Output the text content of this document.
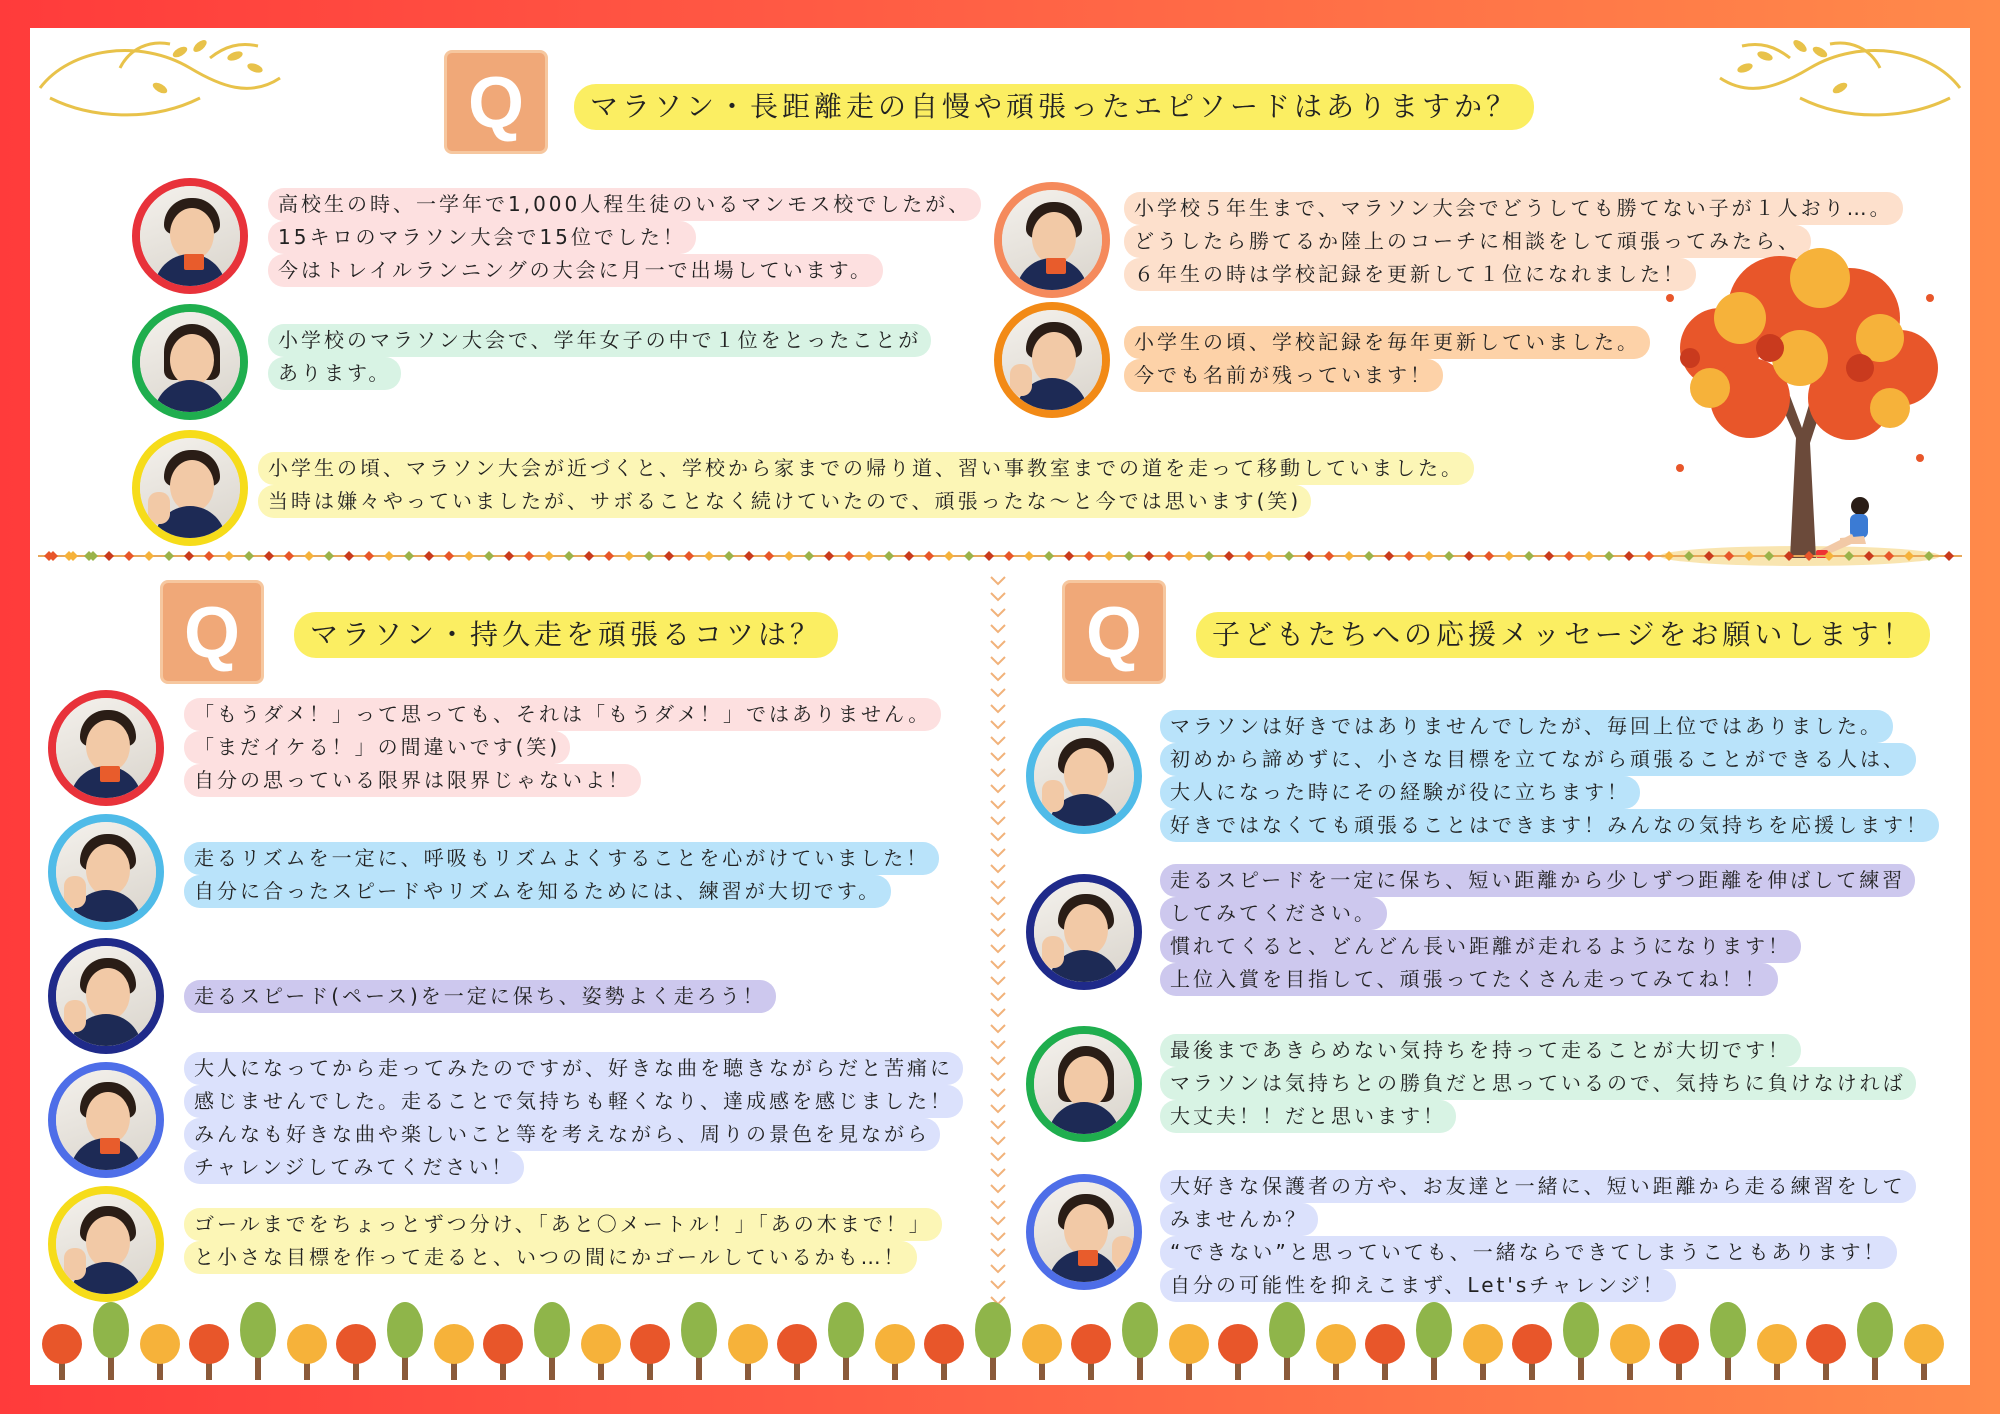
Q	マラソン・長距離走の自慢や頑張ったエピソードはありますか？
高校生の時、一学年で1,000人程生徒のいるマンモス校でしたが、
15キロのマラソン大会で15位でした！
今はトレイルランニングの大会に月一で出場しています。
小学校のマラソン大会で、学年女子の中で１位をとったことが
あります。
小学生の頃、マラソン大会が近づくと、学校から家までの帰り道、習い事教室までの道を走って移動していました。
当時は嫌々やっていましたが、サボることなく続けていたので、頑張ったな〜と今では思います(笑)
小学校５年生まで、マラソン大会でどうしても勝てない子が１人おり…。
どうしたら勝てるか陸上のコーチに相談をして頑張ってみたら、
６年生の時は学校記録を更新して１位になれました！
小学生の頃、学校記録を毎年更新していました。
今でも名前が残っています！
Q	マラソン・持久走を頑張るコツは？
「もうダメ！」って思っても、それは「もうダメ！」ではありません。
「まだイケる！」の間違いです(笑)
自分の思っている限界は限界じゃないよ！
走るリズムを一定に、呼吸もリズムよくすることを心がけていました！
自分に合ったスピードやリズムを知るためには、練習が大切です。
走るスピード(ペース)を一定に保ち、姿勢よく走ろう！
大人になってから走ってみたのですが、好きな曲を聴きながらだと苦痛に
感じませんでした。走ることで気持ちも軽くなり、達成感を感じました！
みんなも好きな曲や楽しいこと等を考えながら、周りの景色を見ながら
チャレンジしてみてください！
ゴールまでをちょっとずつ分け、「あと〇メートル！」「あの木まで！」
と小さな目標を作って走ると、いつの間にかゴールしているかも…！
Q	子どもたちへの応援メッセージをお願いします！
マラソンは好きではありませんでしたが、毎回上位ではありました。
初めから諦めずに、小さな目標を立てながら頑張ることができる人は、
大人になった時にその経験が役に立ちます！
好きではなくても頑張ることはできます！みんなの気持ちを応援します！
走るスピードを一定に保ち、短い距離から少しずつ距離を伸ばして練習
してみてください。
慣れてくると、どんどん長い距離が走れるようになります！
上位入賞を目指して、頑張ってたくさん走ってみてね！！
最後まであきらめない気持ちを持って走ることが大切です！
マラソンは気持ちとの勝負だと思っているので、気持ちに負けなければ
大丈夫！！だと思います！
大好きな保護者の方や、お友達と一緒に、短い距離から走る練習をして
みませんか？
“できない”と思っていても、一緒ならできてしまうこともあります！
自分の可能性を抑えこまず、Let'sチャレンジ！
